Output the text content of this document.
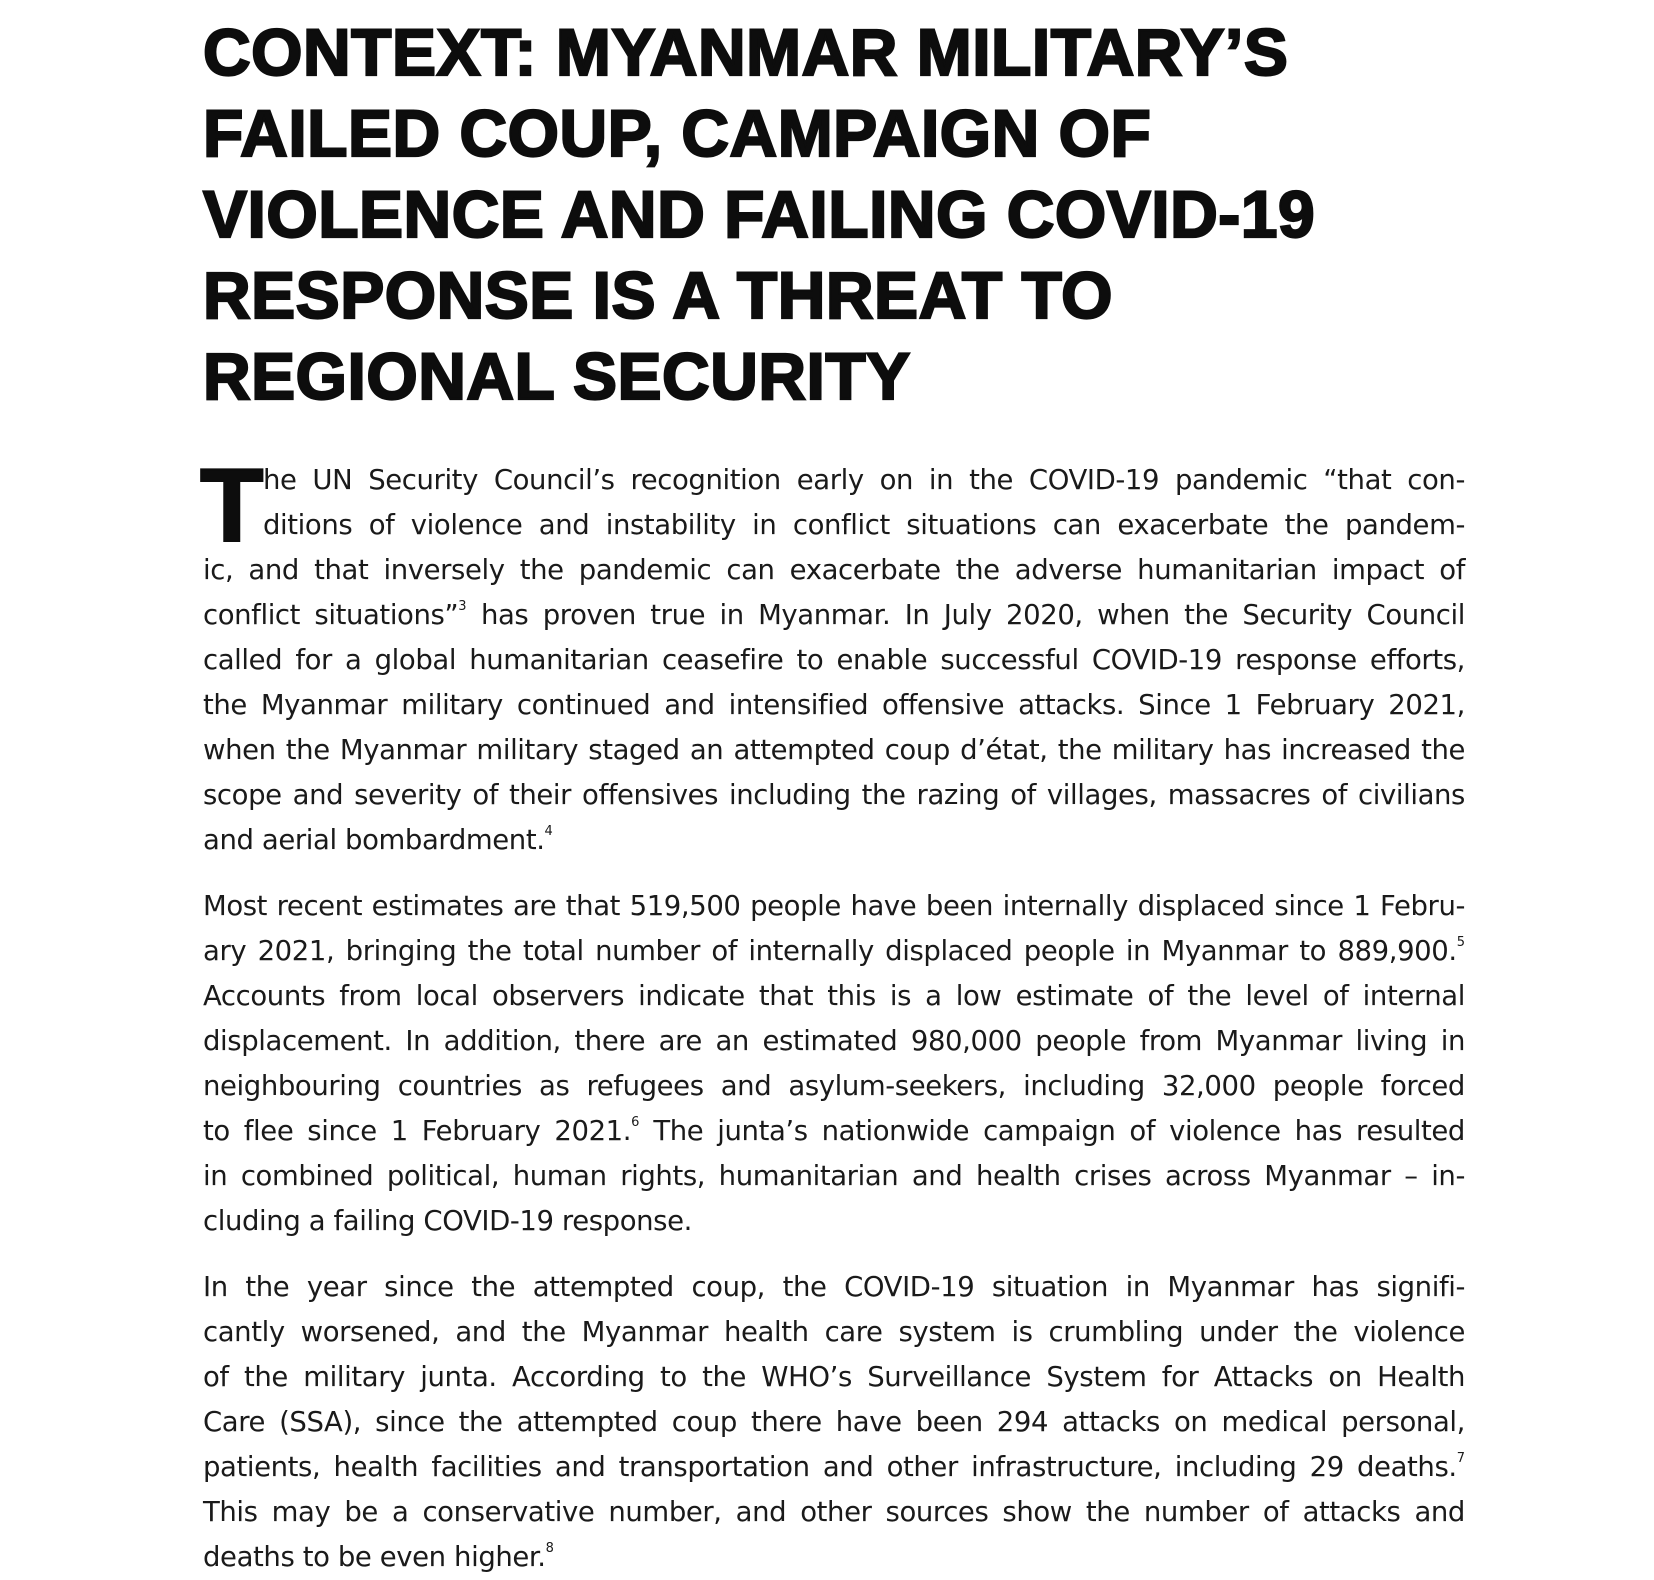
CONTEXT: MYANMAR MILITARY’S
FAILED COUP, CAMPAIGN OF
VIOLENCE AND FAILING COVID-19
RESPONSE IS A THREAT TO
REGIONAL SECURITY

T he UN Security Council’s recognition early on in the COVID-19 pandemic “that con-
ditions of violence and instability in conflict situations can exacerbate the pandem-
ic, and that inversely the pandemic can exacerbate the adverse humanitarian impact of
conflict situations”$^3$ has proven true in Myanmar. In July 2020, when the Security Council
called for a global humanitarian ceasefire to enable successful COVID-19 response efforts,
the Myanmar military continued and intensified offensive attacks. Since 1 February 2021,
when the Myanmar military staged an attempted coup d’état, the military has increased the
scope and severity of their offensives including the razing of villages, massacres of civilians
and aerial bombardment.$^4$

Most recent estimates are that 519,500 people have been internally displaced since 1 Febru-
ary 2021, bringing the total number of internally displaced people in Myanmar to 889,900.$^5$
Accounts from local observers indicate that this is a low estimate of the level of internal
displacement. In addition, there are an estimated 980,000 people from Myanmar living in
neighbouring countries as refugees and asylum-seekers, including 32,000 people forced
to flee since 1 February 2021.$^6$ The junta’s nationwide campaign of violence has resulted
in combined political, human rights, humanitarian and health crises across Myanmar – in-
cluding a failing COVID-19 response.

In the year since the attempted coup, the COVID-19 situation in Myanmar has signifi-
cantly worsened, and the Myanmar health care system is crumbling under the violence
of the military junta. According to the WHO’s Surveillance System for Attacks on Health
Care (SSA), since the attempted coup there have been 294 attacks on medical personal,
patients, health facilities and transportation and other infrastructure, including 29 deaths.$^7$
This may be a conservative number, and other sources show the number of attacks and
deaths to be even higher.$^8$
